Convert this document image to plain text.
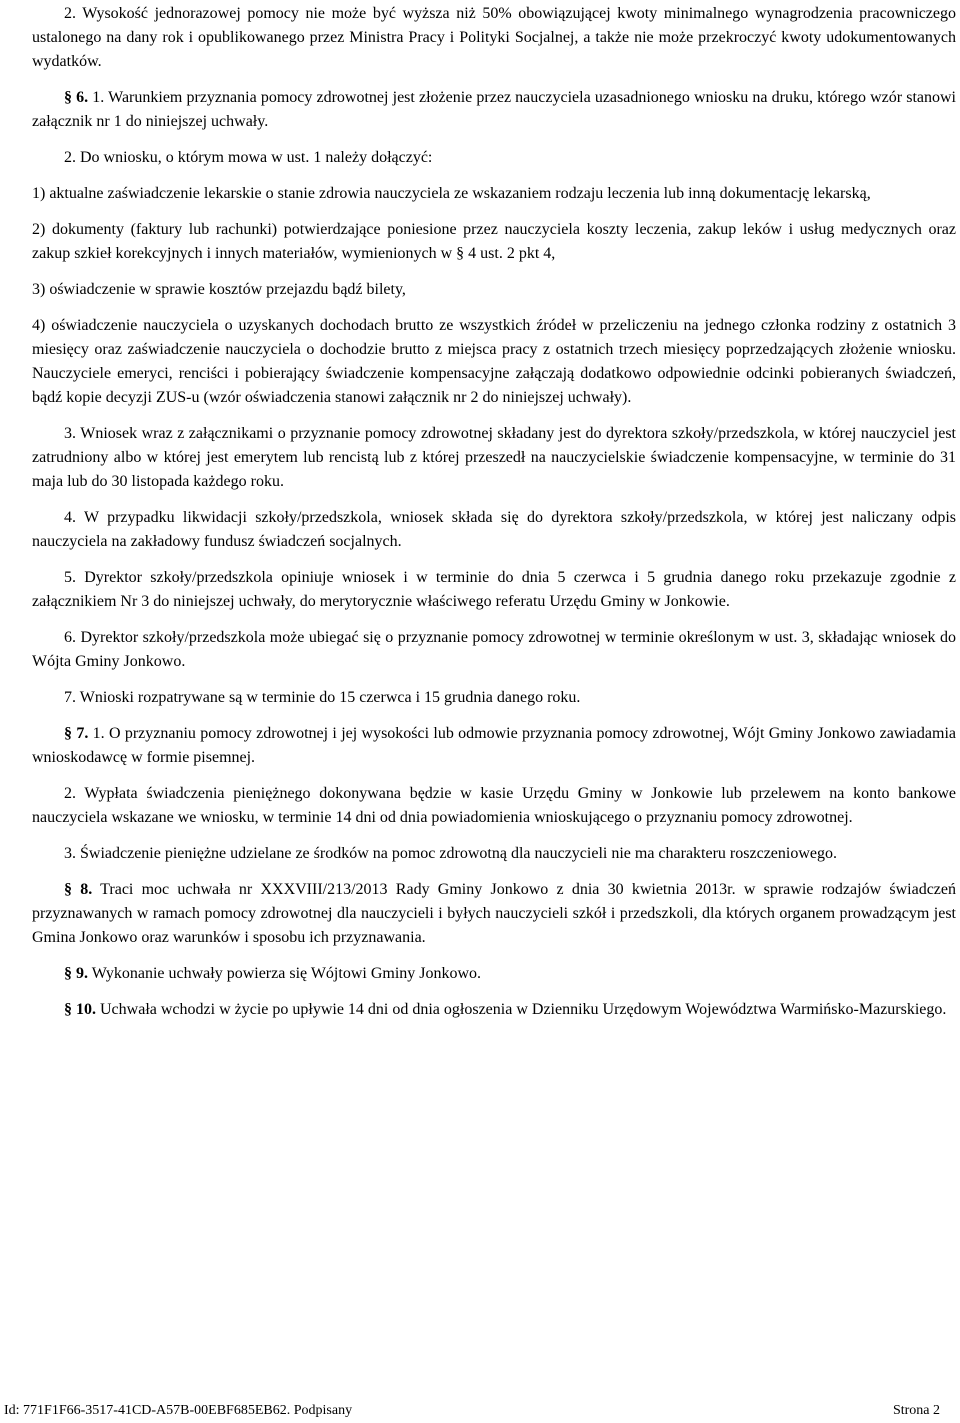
2. Wysokość jednorazowej pomocy nie może być wyższa niż 50% obowiązującej kwoty minimalnego wynagrodzenia pracowniczego ustalonego na dany rok i opublikowanego przez Ministra Pracy i Polityki Socjalnej, a także nie może przekroczyć kwoty udokumentowanych wydatków.

§ 6. 1. Warunkiem przyznania pomocy zdrowotnej jest złożenie przez nauczyciela uzasadnionego wniosku na druku, którego wzór stanowi załącznik nr 1 do niniejszej uchwały.

2. Do wniosku, o którym mowa w ust. 1 należy dołączyć:

1) aktualne zaświadczenie lekarskie o stanie zdrowia nauczyciela ze wskazaniem rodzaju leczenia lub inną dokumentację lekarską,

2) dokumenty (faktury lub rachunki) potwierdzające poniesione przez nauczyciela koszty leczenia, zakup leków i usług medycznych oraz zakup szkieł korekcyjnych i innych materiałów, wymienionych w § 4 ust. 2 pkt 4,

3) oświadczenie w sprawie kosztów przejazdu bądź bilety,

4) oświadczenie nauczyciela o uzyskanych dochodach brutto ze wszystkich źródeł w przeliczeniu na jednego członka rodziny z ostatnich 3 miesięcy oraz zaświadczenie nauczyciela o dochodzie brutto z miejsca pracy z ostatnich trzech miesięcy poprzedzających złożenie wniosku. Nauczyciele emeryci, renciści i pobierający świadczenie kompensacyjne załączają dodatkowo odpowiednie odcinki pobieranych świadczeń, bądź kopie decyzji ZUS-u (wzór oświadczenia stanowi załącznik nr 2 do niniejszej uchwały).

3. Wniosek wraz z załącznikami o przyznanie pomocy zdrowotnej składany jest do dyrektora szkoły/przedszkola, w której nauczyciel jest zatrudniony albo w której jest emerytem lub rencistą lub z której przeszedł na nauczycielskie świadczenie kompensacyjne, w terminie do 31 maja lub do 30 listopada każdego roku.

4. W przypadku likwidacji szkoły/przedszkola, wniosek składa się do dyrektora szkoły/przedszkola, w której jest naliczany odpis nauczyciela na zakładowy fundusz świadczeń socjalnych.

5. Dyrektor szkoły/przedszkola opiniuje wniosek i w terminie do dnia 5 czerwca i 5 grudnia danego roku przekazuje zgodnie z załącznikiem Nr 3 do niniejszej uchwały, do merytorycznie właściwego referatu Urzędu Gminy w Jonkowie.

6. Dyrektor szkoły/przedszkola może ubiegać się o przyznanie pomocy zdrowotnej w terminie określonym w ust. 3, składając wniosek do Wójta Gminy Jonkowo.

7. Wnioski rozpatrywane są w terminie do 15 czerwca i 15 grudnia danego roku.

§ 7. 1. O przyznaniu pomocy zdrowotnej i jej wysokości lub odmowie przyznania pomocy zdrowotnej, Wójt Gminy Jonkowo zawiadamia wnioskodawcę w formie pisemnej.

2. Wypłata świadczenia pieniężnego dokonywana będzie w kasie Urzędu Gminy w Jonkowie lub przelewem na konto bankowe nauczyciela wskazane we wniosku, w terminie 14 dni od dnia powiadomienia wnioskującego o przyznaniu pomocy zdrowotnej.

3. Świadczenie pieniężne udzielane ze środków na pomoc zdrowotną dla nauczycieli nie ma charakteru roszczeniowego.

§ 8. Traci moc uchwała nr XXXVIII/213/2013 Rady Gminy Jonkowo z dnia 30 kwietnia 2013r. w sprawie rodzajów świadczeń przyznawanych w ramach pomocy zdrowotnej dla nauczycieli i byłych nauczycieli szkół i przedszkoli, dla których organem prowadzącym jest Gmina Jonkowo oraz warunków i sposobu ich przyznawania.

§ 9. Wykonanie uchwały powierza się Wójtowi Gminy Jonkowo.

§ 10. Uchwała wchodzi w życie po upływie 14 dni od dnia ogłoszenia w Dzienniku Urzędowym Województwa Warmińsko-Mazurskiego.

Id: 771F1F66-3517-41CD-A57B-00EBF685EB62. Podpisany	Strona 2
